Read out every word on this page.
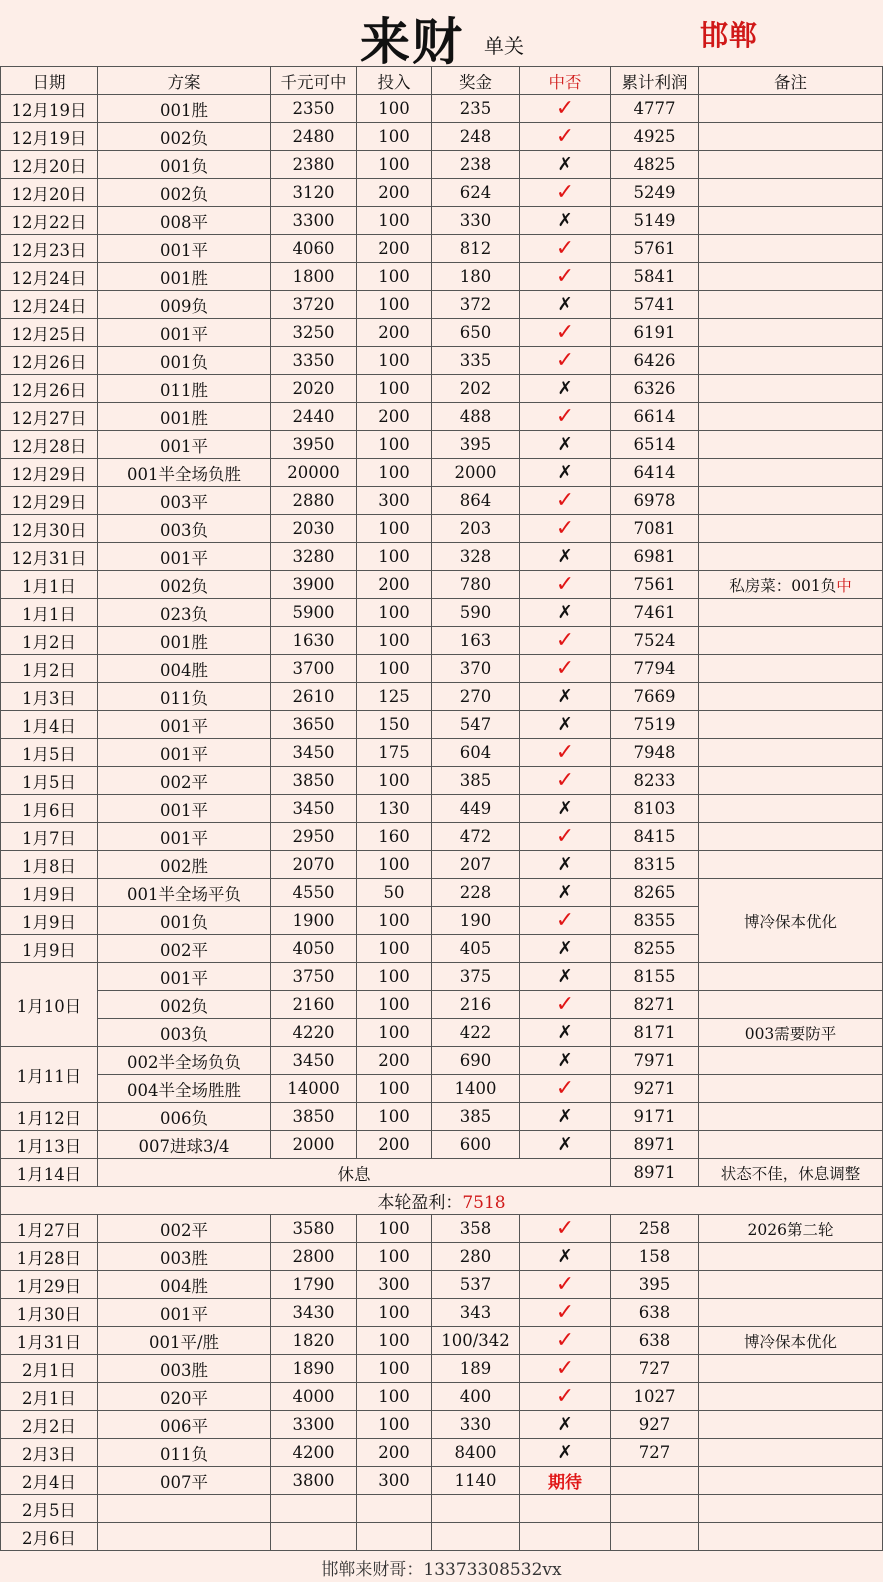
来财 单关	邯郸
日期	方案	千元可中	投入	奖金	中否	累计利润	备注
12月19日	001胜	2350	100	235	✓	4777	
12月19日	002负	2480	100	248	✓	4925	
12月20日	001负	2380	100	238	✗	4825	
12月20日	002负	3120	200	624	✓	5249	
12月22日	008平	3300	100	330	✗	5149	
12月23日	001平	4060	200	812	✓	5761	
12月24日	001胜	1800	100	180	✓	5841	
12月24日	009负	3720	100	372	✗	5741	
12月25日	001平	3250	200	650	✓	6191	
12月26日	001负	3350	100	335	✓	6426	
12月26日	011胜	2020	100	202	✗	6326	
12月27日	001胜	2440	200	488	✓	6614	
12月28日	001平	3950	100	395	✗	6514	
12月29日	001半全场负胜	20000	100	2000	✗	6414	
12月29日	003平	2880	300	864	✓	6978	
12月30日	003负	2030	100	203	✓	7081	
12月31日	001平	3280	100	328	✗	6981	
1月1日	002负	3900	200	780	✓	7561	私房菜：001负中
1月1日	023负	5900	100	590	✗	7461	
1月2日	001胜	1630	100	163	✓	7524	
1月2日	004胜	3700	100	370	✓	7794	
1月3日	011负	2610	125	270	✗	7669	
1月4日	001平	3650	150	547	✗	7519	
1月5日	001平	3450	175	604	✓	7948	
1月5日	002平	3850	100	385	✓	8233	
1月6日	001平	3450	130	449	✗	8103	
1月7日	001平	2950	160	472	✓	8415	
1月8日	002胜	2070	100	207	✗	8315	
1月9日	001半全场平负	4550	50	228	✗	8265	博冷保本优化
1月9日	001负	1900	100	190	✓	8355	
1月9日	002平	4050	100	405	✗	8255	
1月10日	001平	3750	100	375	✗	8155	
	002负	2160	100	216	✓	8271	
	003负	4220	100	422	✗	8171	003需要防平
1月11日	002半全场负负	3450	200	690	✗	7971	
	004半全场胜胜	14000	100	1400	✓	9271	
1月12日	006负	3850	100	385	✗	9171	
1月13日	007进球3/4	2000	200	600	✗	8971	
1月14日	休息					8971	状态不佳，休息调整
本轮盈利：7518							
1月27日	002平	3580	100	358	✓	258	2026第二轮
1月28日	003胜	2800	100	280	✗	158	
1月29日	004胜	1790	300	537	✓	395	
1月30日	001平	3430	100	343	✓	638	
1月31日	001平/胜	1820	100	100/342	✓	638	博冷保本优化
2月1日	003胜	1890	100	189	✓	727	
2月1日	020平	4000	100	400	✓	1027	
2月2日	006平	3300	100	330	✗	927	
2月3日	011负	4200	200	8400	✗	727	
2月4日	007平	3800	300	1140	期待		
2月5日							
2月6日							
邯郸来财哥：13373308532vx
